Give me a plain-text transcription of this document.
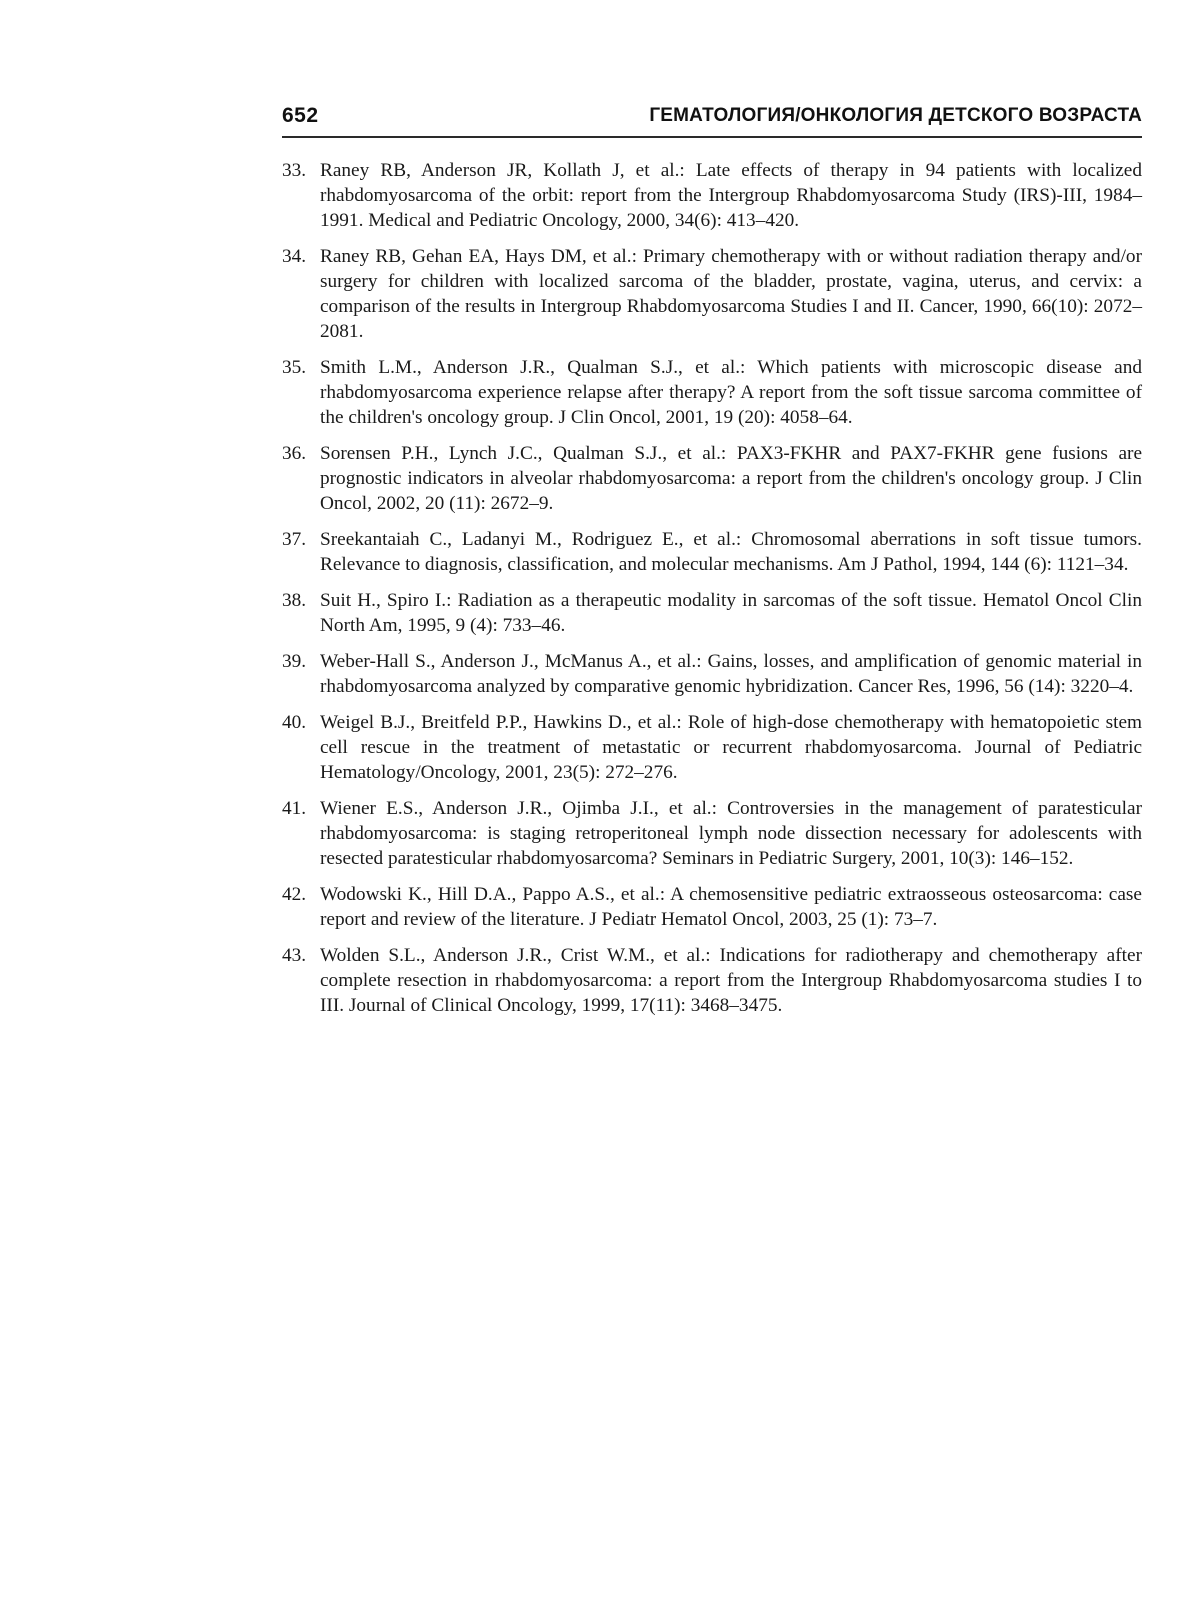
652	ГЕМАТОЛОГИЯ/ОНКОЛОГИЯ ДЕТСКОГО ВОЗРАСТА
33. Raney RB, Anderson JR, Kollath J, et al.: Late effects of therapy in 94 patients with localized rhabdomyosarcoma of the orbit: report from the Intergroup Rhabdomyosarcoma Study (IRS)-III, 1984–1991. Medical and Pediatric Oncology, 2000, 34(6): 413–420.
34. Raney RB, Gehan EA, Hays DM, et al.: Primary chemotherapy with or without radiation therapy and/or surgery for children with localized sarcoma of the bladder, prostate, vagina, uterus, and cervix: a comparison of the results in Intergroup Rhabdomyosarcoma Studies I and II. Cancer, 1990, 66(10): 2072–2081.
35. Smith L.M., Anderson J.R., Qualman S.J., et al.: Which patients with microscopic disease and rhabdomyosarcoma experience relapse after therapy? A report from the soft tissue sarcoma committee of the children's oncology group. J Clin Oncol, 2001, 19 (20): 4058–64.
36. Sorensen P.H., Lynch J.C., Qualman S.J., et al.: PAX3-FKHR and PAX7-FKHR gene fusions are prognostic indicators in alveolar rhabdomyosarcoma: a report from the children's oncology group. J Clin Oncol, 2002, 20 (11): 2672–9.
37. Sreekantaiah C., Ladanyi M., Rodriguez E., et al.: Chromosomal aberrations in soft tissue tumors. Relevance to diagnosis, classification, and molecular mechanisms. Am J Pathol, 1994, 144 (6): 1121–34.
38. Suit H., Spiro I.: Radiation as a therapeutic modality in sarcomas of the soft tissue. Hematol Oncol Clin North Am, 1995, 9 (4): 733–46.
39. Weber-Hall S., Anderson J., McManus A., et al.: Gains, losses, and amplification of genomic material in rhabdomyosarcoma analyzed by comparative genomic hybridization. Cancer Res, 1996, 56 (14): 3220–4.
40. Weigel B.J., Breitfeld P.P., Hawkins D., et al.: Role of high-dose chemotherapy with hematopoietic stem cell rescue in the treatment of metastatic or recurrent rhabdomyosarcoma. Journal of Pediatric Hematology/Oncology, 2001, 23(5): 272–276.
41. Wiener E.S., Anderson J.R., Ojimba J.I., et al.: Controversies in the management of paratesticular rhabdomyosarcoma: is staging retroperitoneal lymph node dissection necessary for adolescents with resected paratesticular rhabdomyosarcoma? Seminars in Pediatric Surgery, 2001, 10(3): 146–152.
42. Wodowski K., Hill D.A., Pappo A.S., et al.: A chemosensitive pediatric extraosseous osteosarcoma: case report and review of the literature. J Pediatr Hematol Oncol, 2003, 25 (1): 73–7.
43. Wolden S.L., Anderson J.R., Crist W.M., et al.: Indications for radiotherapy and chemotherapy after complete resection in rhabdomyosarcoma: a report from the Intergroup Rhabdomyosarcoma studies I to III. Journal of Clinical Oncology, 1999, 17(11): 3468–3475.
